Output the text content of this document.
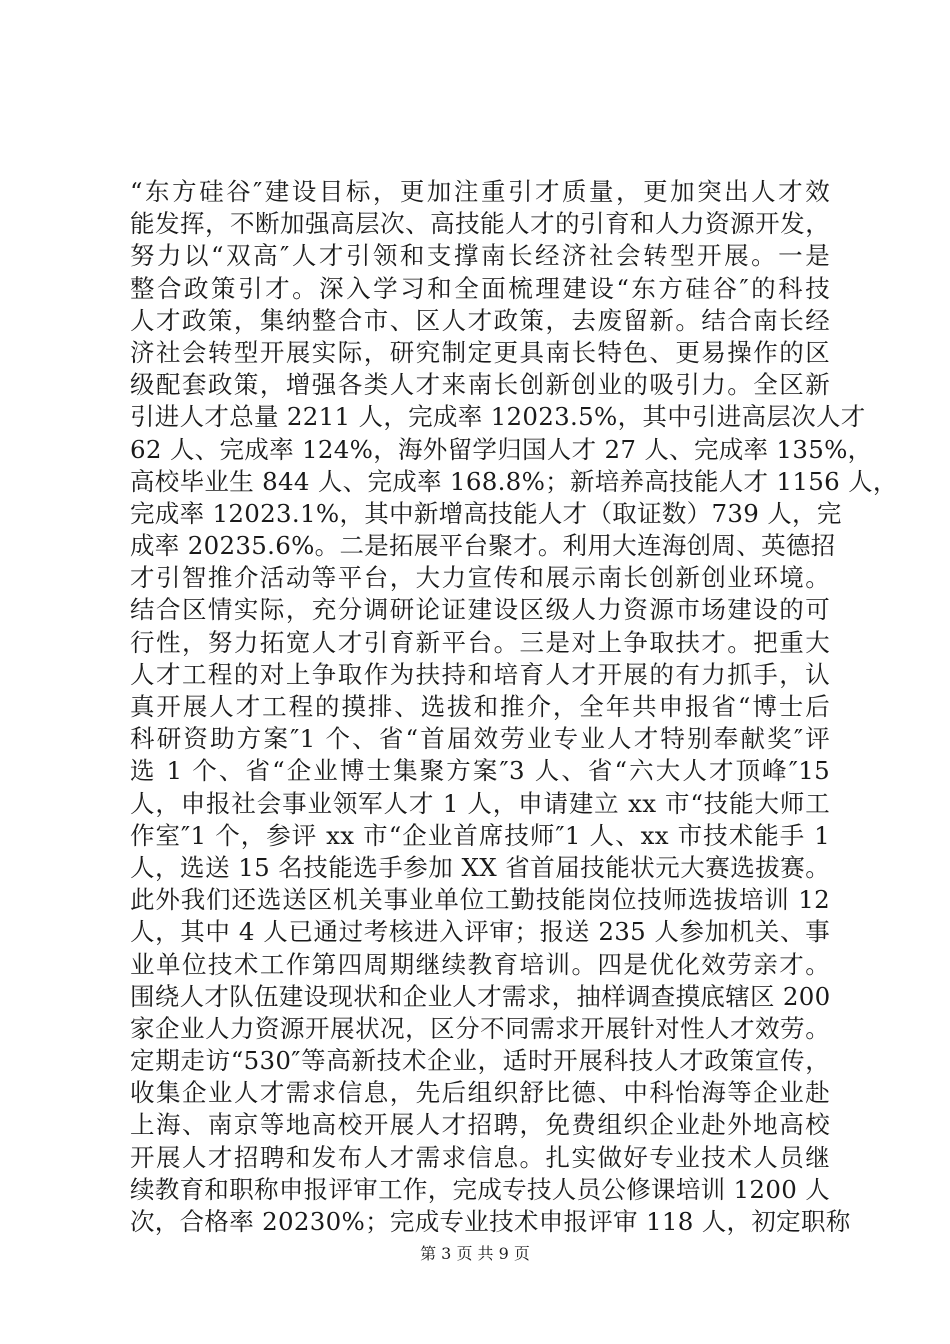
“东方硅谷″建设目标，更加注重引才质量，更加突出人才效
能发挥，不断加强高层次、高技能人才的引育和人力资源开发，
努力以“双高″人才引领和支撑南长经济社会转型开展。一是
整合政策引才。深入学习和全面梳理建设“东方硅谷″的科技
人才政策，集纳整合市、区人才政策，去废留新。结合南长经
济社会转型开展实际，研究制定更具南长特色、更易操作的区
级配套政策，增强各类人才来南长创新创业的吸引力。全区新
引进人才总量 2211 人，完成率 12023.5%，其中引进高层次人才
62 人、完成率 124%，海外留学归国人才 27 人、完成率 135%，
高校毕业生 844 人、完成率 168.8%；新培养高技能人才 1156 人，
完成率 12023.1%，其中新增高技能人才（取证数）739 人，完
成率 20235.6%。二是拓展平台聚才。利用大连海创周、英德招
才引智推介活动等平台，大力宣传和展示南长创新创业环境。
结合区情实际，充分调研论证建设区级人力资源市场建设的可
行性，努力拓宽人才引育新平台。三是对上争取扶才。把重大
人才工程的对上争取作为扶持和培育人才开展的有力抓手，认
真开展人才工程的摸排、选拔和推介，全年共申报省“博士后
科研资助方案″1 个、省“首届效劳业专业人才特别奉献奖″评
选 1 个、省“企业博士集聚方案″3 人、省“六大人才顶峰″15
人，申报社会事业领军人才 1 人，申请建立 xx 市“技能大师工
作室″1 个，参评 xx 市“企业首席技师″1 人、xx 市技术能手 1
人，选送 15 名技能选手参加 XX 省首届技能状元大赛选拔赛。
此外我们还选送区机关事业单位工勤技能岗位技师选拔培训 12
人，其中 4 人已通过考核进入评审；报送 235 人参加机关、事
业单位技术工作第四周期继续教育培训。四是优化效劳亲才。
围绕人才队伍建设现状和企业人才需求，抽样调查摸底辖区 200
家企业人力资源开展状况，区分不同需求开展针对性人才效劳。
定期走访“530″等高新技术企业，适时开展科技人才政策宣传，
收集企业人才需求信息，先后组织舒比德、中科怡海等企业赴
上海、南京等地高校开展人才招聘，免费组织企业赴外地高校
开展人才招聘和发布人才需求信息。扎实做好专业技术人员继
续教育和职称申报评审工作，完成专技人员公修课培训 1200 人
次，合格率 20230%；完成专业技术申报评审 118 人，初定职称
第 3 页 共 9 页
